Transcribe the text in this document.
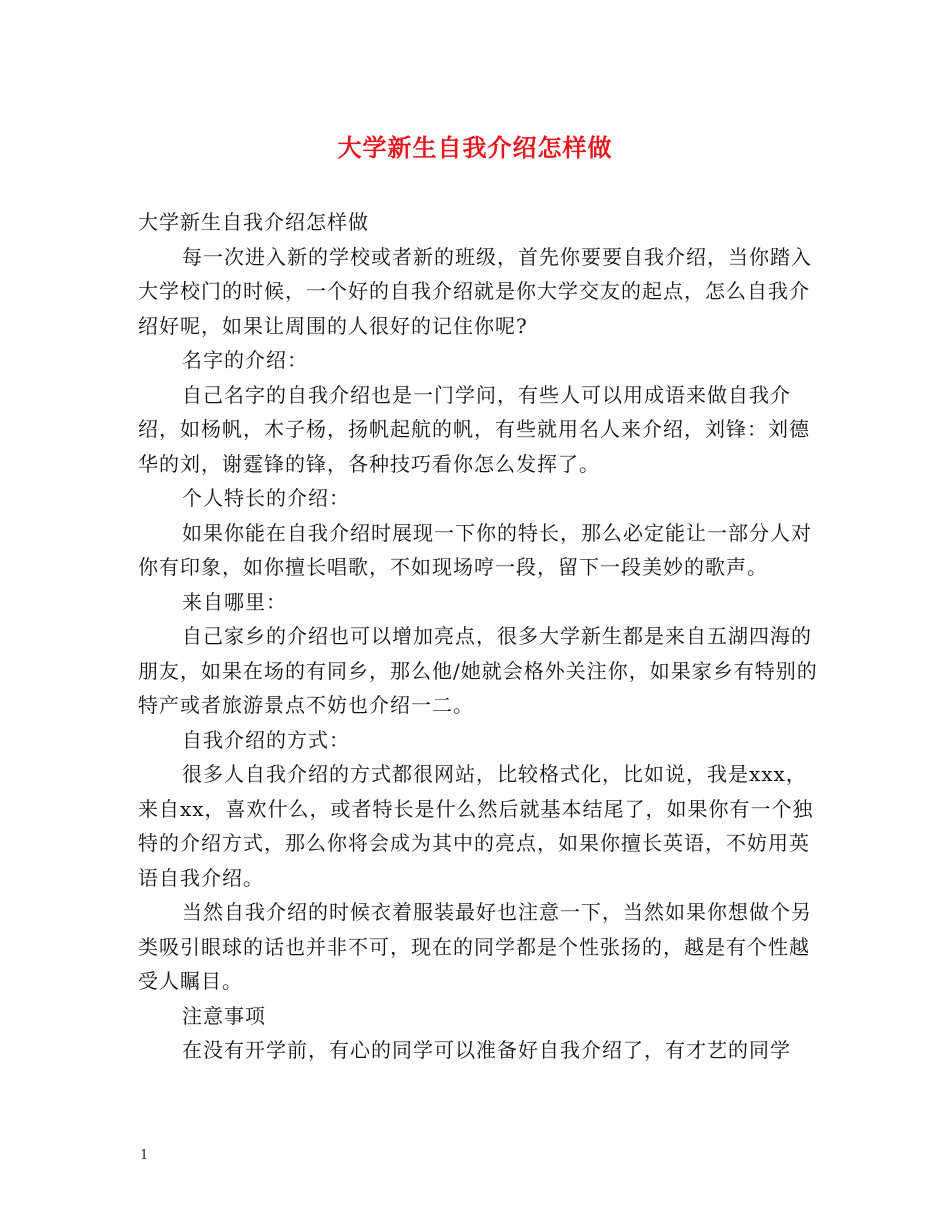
大学新生自我介绍怎样做

大学新生自我介绍怎样做

每一次进入新的学校或者新的班级，首先你要要自我介绍，当你踏入大学校门的时候，一个好的自我介绍就是你大学交友的起点，怎么自我介绍好呢，如果让周围的人很好的记住你呢?

名字的介绍：

自己名字的自我介绍也是一门学问，有些人可以用成语来做自我介绍，如杨帆，木子杨，扬帆起航的帆，有些就用名人来介绍，刘锋：刘德华的刘，谢霆锋的锋，各种技巧看你怎么发挥了。

个人特长的介绍：

如果你能在自我介绍时展现一下你的特长，那么必定能让一部分人对你有印象，如你擅长唱歌，不如现场哼一段，留下一段美妙的歌声。

来自哪里：

自己家乡的介绍也可以增加亮点，很多大学新生都是来自五湖四海的朋友，如果在场的有同乡，那么他/她就会格外关注你，如果家乡有特别的特产或者旅游景点不妨也介绍一二。

自我介绍的方式：

很多人自我介绍的方式都很网站，比较格式化，比如说，我是xxx，来自xx，喜欢什么，或者特长是什么然后就基本结尾了，如果你有一个独特的介绍方式，那么你将会成为其中的亮点，如果你擅长英语，不妨用英语自我介绍。

当然自我介绍的时候衣着服装最好也注意一下，当然如果你想做个另类吸引眼球的话也并非不可，现在的同学都是个性张扬的，越是有个性越受人瞩目。

注意事项

在没有开学前，有心的同学可以准备好自我介绍了，有才艺的同学

1
